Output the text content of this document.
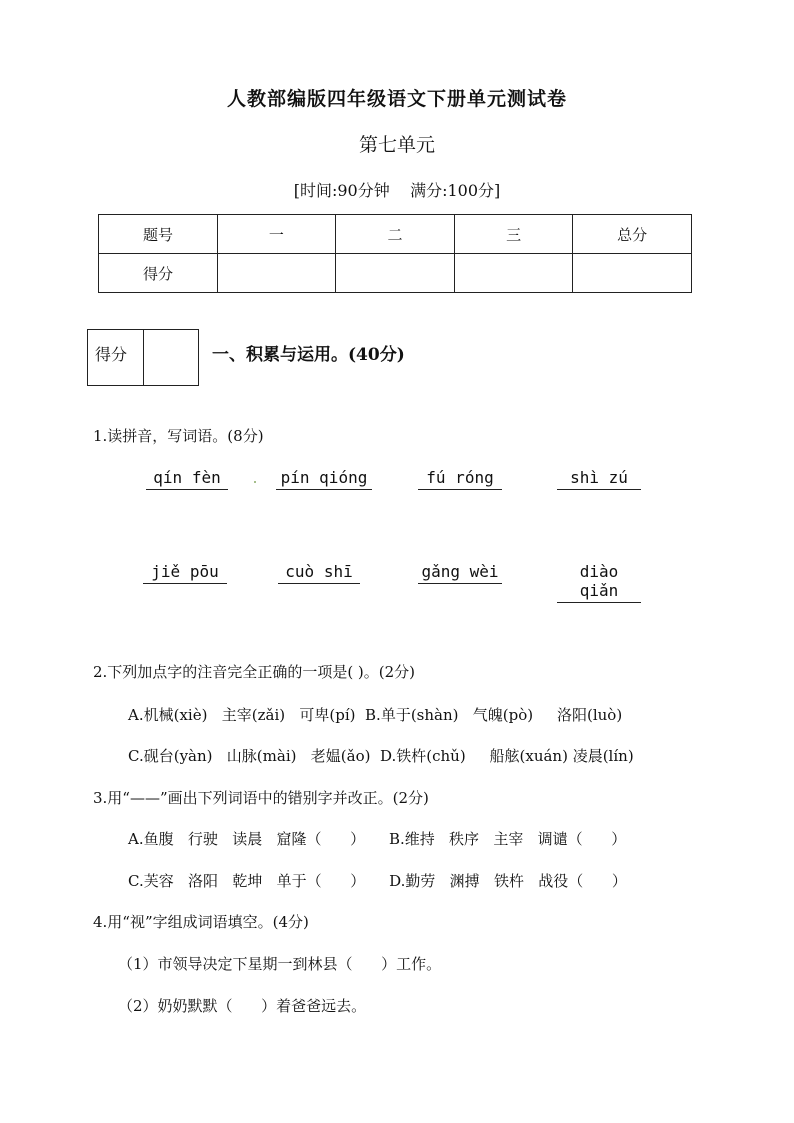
人教部编版四年级语文下册单元测试卷
第七单元
[时间:90分钟    满分:100分]
题号	一	二	三	总分
得分				
得分	一、积累与运用。(40分)
1.读拼音，写词语。(8分)
qín fèn	pín qióng	fú róng	shì zú
jiě pōu	cuò shī	gǎng wèi	diào qiǎn
2.下列加点字的注音完全正确的一项是( )。(2分)
A.机械(xiè)   主宰(zǎi)   可卑(pí)  B.单于(shàn)   气魄(pò)     洛阳(luò)
C.砚台(yàn)   山脉(mài)   老媪(ǎo)  D.铁杵(chǔ)     船舷(xuán) 凌晨(lín)
3.用“——”画出下列词语中的错别字并改正。(2分)
A.鱼腹   行驶   读晨   窟隆（      ）     B.维持   秩序   主宰   调谴（      ）
C.芙容   洛阳   乾坤   单于（      ）     D.勤劳   渊搏   铁杵   战役（      ）
4.用“视”字组成词语填空。(4分)
（1）市领导决定下星期一到林县（      ）工作。
（2）奶奶默默（      ）着爸爸远去。
